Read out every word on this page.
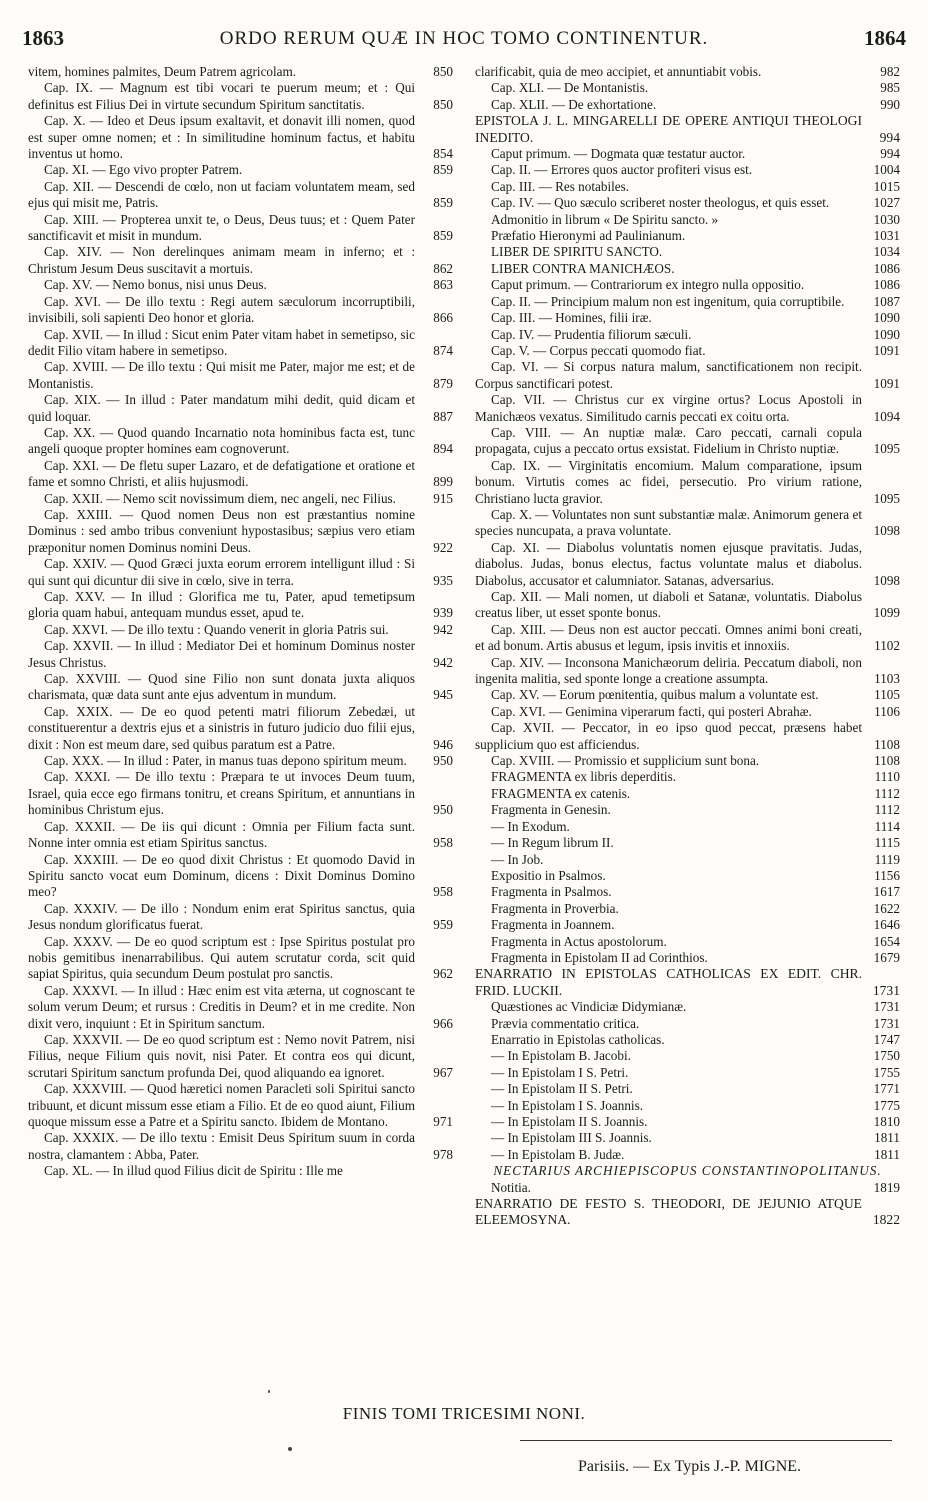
1863	ORDO RERUM QUÆ IN HOC TOMO CONTINENTUR.	1864
vitem, homines palmites, Deum Patrem agricolam.	850
Cap. IX. — Magnum est tibi vocari te puerum meum; et : Qui definitus est Filius Dei in virtute secundum Spiritum sanctitatis.	850
Cap. X. — Ideo et Deus ipsum exaltavit, et donavit illi nomen, quod est super omne nomen; et : In similitudine hominum factus, et habitu inventus ut homo.	854
Cap. XI. — Ego vivo propter Patrem.	859
Cap. XII. — Descendi de cœlo, non ut faciam voluntatem meam, sed ejus qui misit me, Patris.	859
Cap. XIII. — Propterea unxit te, o Deus, Deus tuus; et : Quem Pater sanctificavit et misit in mundum.	859
Cap. XIV. — Non derelinques animam meam in inferno; et : Christum Jesum Deus suscitavit a mortuis.	862
Cap. XV. — Nemo bonus, nisi unus Deus.	863
Cap. XVI. — De illo textu : Regi autem sæculorum incorruptibili, invisibili, soli sapienti Deo honor et gloria.	866
Cap. XVII. — In illud : Sicut enim Pater vitam habet in semetipso, sic dedit Filio vitam habere in semetipso.	874
Cap. XVIII. — De illo textu : Qui misit me Pater, major me est; et de Montanistis.	879
Cap. XIX. — In illud : Pater mandatum mihi dedit, quid dicam et quid loquar.	887
Cap. XX. — Quod quando Incarnatio nota hominibus facta est, tunc angeli quoque propter homines eam cognoverunt.	894
Cap. XXI. — De fletu super Lazaro, et de defatigatione et oratione et fame et somno Christi, et aliis hujusmodi.	899
Cap. XXII. — Nemo scit novissimum diem, nec angeli, nec Filius.	915
Cap. XXIII. — Quod nomen Deus non est præstantius nomine Dominus : sed ambo tribus conveniunt hypostasibus; sæpius vero etiam præponitur nomen Dominus nomini Deus.	922
Cap. XXIV. — Quod Græci juxta eorum errorem intelligunt illud : Si qui sunt qui dicuntur dii sive in cœlo, sive in terra.	935
Cap. XXV. — In illud : Glorifica me tu, Pater, apud temetipsum gloria quam habui, antequam mundus esset, apud te.	939
Cap. XXVI. — De illo textu : Quando venerit in gloria Patris sui.	942
Cap. XXVII. — In illud : Mediator Dei et hominum Dominus noster Jesus Christus.	942
Cap. XXVIII. — Quod sine Filio non sunt donata juxta aliquos charismata, quæ data sunt ante ejus adventum in mundum.	945
Cap. XXIX. — De eo quod petenti matri filiorum Zebedæi, ut constituerentur a dextris ejus et a sinistris in futuro judicio duo filii ejus, dixit : Non est meum dare, sed quibus paratum est a Patre.	946
Cap. XXX. — In illud : Pater, in manus tuas depono spiritum meum.	950
Cap. XXXI. — De illo textu : Præpara te ut invoces Deum tuum, Israel, quia ecce ego firmans tonitru, et creans Spiritum, et annuntians in hominibus Christum ejus.	950
Cap. XXXII. — De iis qui dicunt : Omnia per Filium facta sunt. Nonne inter omnia est etiam Spiritus sanctus.	958
Cap. XXXIII. — De eo quod dixit Christus : Et quomodo David in Spiritu sancto vocat eum Dominum, dicens : Dixit Dominus Domino meo?	958
Cap. XXXIV. — De illo : Nondum enim erat Spiritus sanctus, quia Jesus nondum glorificatus fuerat.	959
Cap. XXXV. — De eo quod scriptum est : Ipse Spiritus postulat pro nobis gemitibus inenarrabilibus. Qui autem scrutatur corda, scit quid sapiat Spiritus, quia secundum Deum postulat pro sanctis.	962
Cap. XXXVI. — In illud : Hæc enim est vita æterna, ut cognoscant te solum verum Deum; et rursus : Creditis in Deum? et in me credite. Non dixit vero, inquiunt : Et in Spiritum sanctum.	966
Cap. XXXVII. — De eo quod scriptum est : Nemo novit Patrem, nisi Filius, neque Filium quis novit, nisi Pater. Et contra eos qui dicunt, scrutari Spiritum sanctum profunda Dei, quod aliquando ea ignoret.	967
Cap. XXXVIII. — Quod hæretici nomen Paracleti soli Spiritui sancto tribuunt, et dicunt missum esse etiam a Filio. Et de eo quod aiunt, Filium quoque missum esse a Patre et a Spiritu sancto. Ibidem de Montano.	971
Cap. XXXIX. — De illo textu : Emisit Deus Spiritum suum in corda nostra, clamantem : Abba, Pater.	978
Cap. XL. — In illud quod Filius dicit de Spiritu : Ille me
clarificabit, quia de meo accipiet, et annuntiabit vobis.	982
Cap. XLI. — De Montanistis.	985
Cap. XLII. — De exhortatione.	990
EPISTOLA J. L. MINGARELLI DE OPERE ANTIQUI THEOLOGI INEDITO.	994
Caput primum. — Dogmata quæ testatur auctor.	994
Cap. II. — Errores quos auctor profiteri visus est.	1004
Cap. III. — Res notabiles.	1015
Cap. IV. — Quo sæculo scriberet noster theologus, et quis esset.	1027
Admonitio in librum « De Spiritu sancto. »	1030
Præfatio Hieronymi ad Paulinianum.	1031
LIBER DE SPIRITU SANCTO.	1034
LIBER CONTRA MANICHÆOS.	1086
Caput primum. — Contrariorum ex integro nulla oppositio.	1086
Cap. II. — Principium malum non est ingenitum, quia corruptibile.	1087
Cap. III. — Homines, filii iræ.	1090
Cap. IV. — Prudentia filiorum sæculi.	1090
Cap. V. — Corpus peccati quomodo fiat.	1091
Cap. VI. — Si corpus natura malum, sanctificationem non recipit. Corpus sanctificari potest.	1091
Cap. VII. — Christus cur ex virgine ortus? Locus Apostoli in Manichæos vexatus. Similitudo carnis peccati ex coitu orta.	1094
Cap. VIII. — An nuptiæ malæ. Caro peccati, carnali copula propagata, cujus a peccato ortus exsistat. Fidelium in Christo nuptiæ.	1095
Cap. IX. — Virginitatis encomium. Malum comparatione, ipsum bonum. Virtutis comes ac fidei, persecutio. Pro virium ratione, Christiano lucta gravior.	1095
Cap. X. — Voluntates non sunt substantiæ malæ. Animorum genera et species nuncupata, a prava voluntate.	1098
Cap. XI. — Diabolus voluntatis nomen ejusque pravitatis. Judas, diabolus. Judas, bonus electus, factus voluntate malus et diabolus. Diabolus, accusator et calumniator. Satanas, adversarius.	1098
Cap. XII. — Mali nomen, ut diaboli et Satanæ, voluntatis. Diabolus creatus liber, ut esset sponte bonus.	1099
Cap. XIII. — Deus non est auctor peccati. Omnes animi boni creati, et ad bonum. Artis abusus et legum, ipsis invitis et innoxiis.	1102
Cap. XIV. — Inconsona Manichæorum deliria. Peccatum diaboli, non ingenita malitia, sed sponte longe a creatione assumpta.	1103
Cap. XV. — Eorum pœnitentia, quibus malum a voluntate est.	1105
Cap. XVI. — Genimina viperarum facti, qui posteri Abrahæ.	1106
Cap. XVII. — Peccator, in eo ipso quod peccat, præsens habet supplicium quo est afficiendus.	1108
Cap. XVIII. — Promissio et supplicium sunt bona.	1108
FRAGMENTA ex libris deperditis.	1110
FRAGMENTA ex catenis.	1112
Fragmenta in Genesin.	1112
— In Exodum.	1114
— In Regum librum II.	1115
— In Job.	1119
Expositio in Psalmos.	1156
Fragmenta in Psalmos.	1617
Fragmenta in Proverbia.	1622
Fragmenta in Joannem.	1646
Fragmenta in Actus apostolorum.	1654
Fragmenta in Epistolam II ad Corinthios.	1679
ENARRATIO IN EPISTOLAS CATHOLICAS EX EDIT. CHR. FRID. LUCKII.	1731
Quæstiones ac Vindiciæ Didymianæ.	1731
Prævia commentatio critica.	1731
Enarratio in Epistolas catholicas.	1747
— In Epistolam B. Jacobi.	1750
— In Epistolam I S. Petri.	1755
— In Epistolam II S. Petri.	1771
— In Epistolam I S. Joannis.	1775
— In Epistolam II S. Joannis.	1810
— In Epistolam III S. Joannis.	1811
— In Epistolam B. Judæ.	1811
NECTARIUS ARCHIEPISCOPUS CONSTANTINOPOLITANUS.
Notitia.	1819
ENARRATIO DE FESTO S. THEODORI, DE JEJUNIO ATQUE ELEEMOSYNA.	1822
FINIS TOMI TRICESIMI NONI.
Parisiis. — Ex Typis J.-P. MIGNE.
